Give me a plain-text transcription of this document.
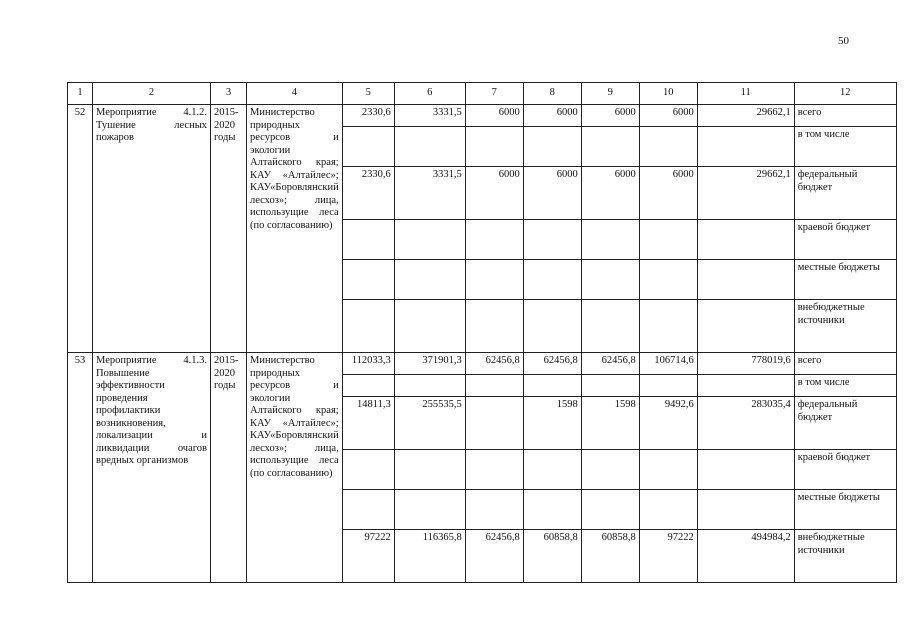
50
1	2	3	4	5	6	7	8	9	10	11	12
52	Мероприятие 4.1.2. Тушение лесных пожаров	2015-2020 годы	Министерство природных ресурсов и экологии Алтайского края; КАУ «Алтайлес»; КАУ«Боровлянский лесхоз»; лица, использущие леса (по согласованию)	2330,6	3331,5	6000	6000	6000	6000	29662,1	всего
											в том числе
				2330,6	3331,5	6000	6000	6000	6000	29662,1	федеральный бюджет
											краевой бюджет
											местные бюджеты
											внебюджетные источники
53	Мероприятие 4.1.3. Повышение эффективности проведения профилактики возникновения, локализации и ликвидации очагов вредных организмов	2015-2020 годы	Министерство природных ресурсов и экологии Алтайского края; КАУ «Алтайлес»; КАУ«Боровлянский лесхоз»; лица, использущие леса (по согласованию)	112033,3	371901,3	62456,8	62456,8	62456,8	106714,6	778019,6	всего
											в том числе
				14811,3	255535,5		1598	1598	9492,6	283035,4	федеральный бюджет
											краевой бюджет
											местные бюджеты
				97222	116365,8	62456,8	60858,8	60858,8	97222	494984,2	внебюджетные источники
